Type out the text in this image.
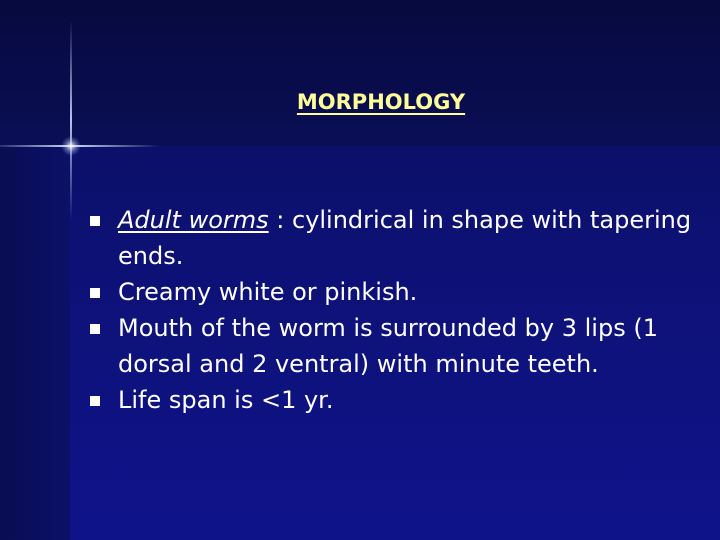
MORPHOLOGY
Adult worms : cylindrical in shape with tapering ends.
Creamy white or pinkish.
Mouth of the worm is surrounded by 3 lips (1 dorsal and 2 ventral) with minute teeth.
Life span is <1 yr.
